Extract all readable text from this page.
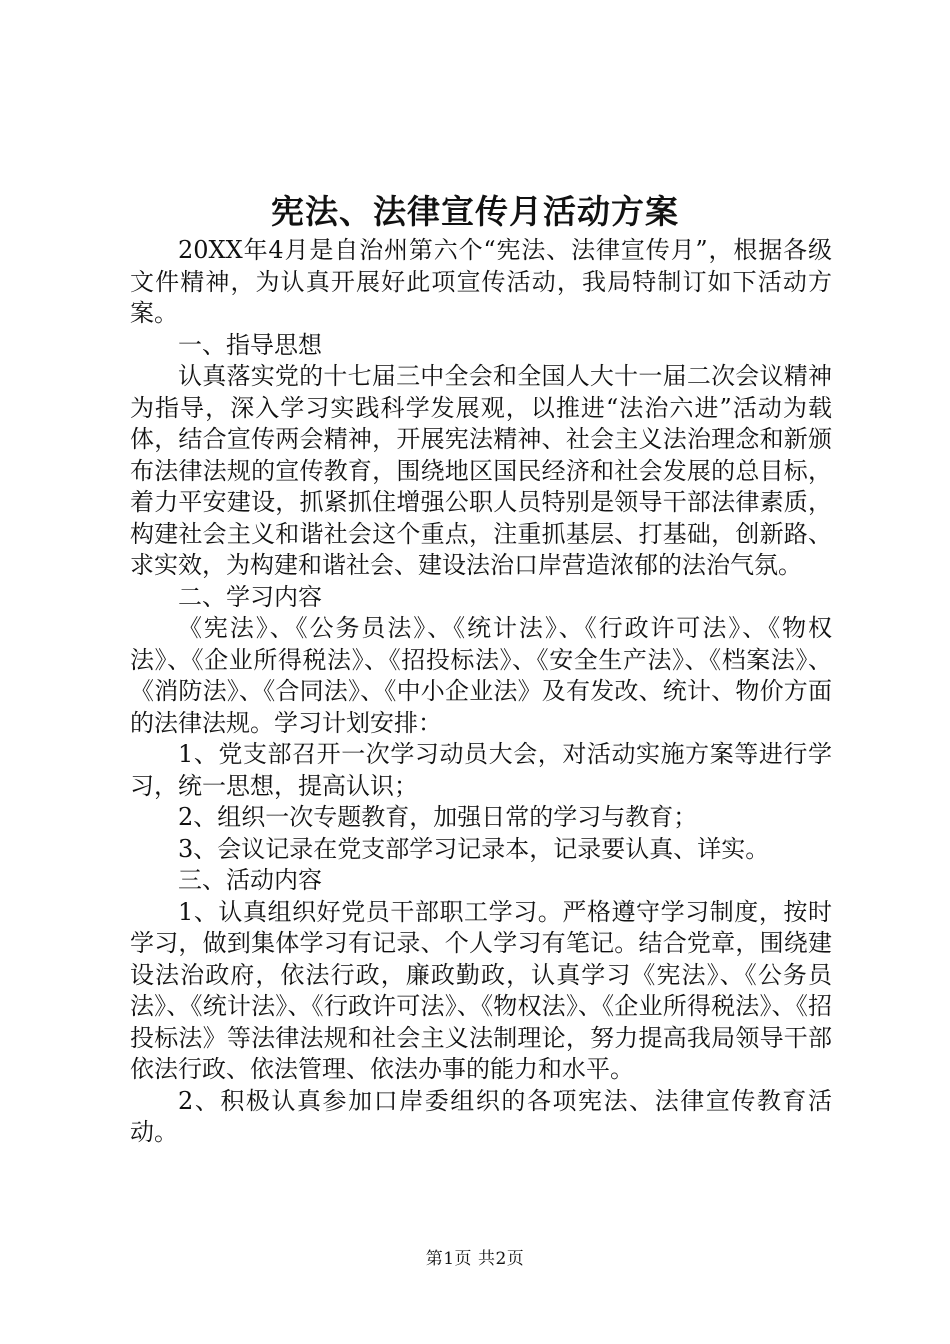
宪法、法律宣传月活动方案

20XX年4月是自治州第六个“宪法、法律宣传月”，根据各级文件精神，为认真开展好此项宣传活动，我局特制订如下活动方案。

一、指导思想

认真落实党的十七届三中全会和全国人大十一届二次会议精神为指导，深入学习实践科学发展观，以推进“法治六进”活动为载体，结合宣传两会精神，开展宪法精神、社会主义法治理念和新颁布法律法规的宣传教育，围绕地区国民经济和社会发展的总目标，着力平安建设，抓紧抓住增强公职人员特别是领导干部法律素质，构建社会主义和谐社会这个重点，注重抓基层、打基础，创新路、求实效，为构建和谐社会、建设法治口岸营造浓郁的法治气氛。

二、学习内容

《宪法》、《公务员法》、《统计法》、《行政许可法》、《物权法》、《企业所得税法》、《招投标法》、《安全生产法》、《档案法》、《消防法》、《合同法》、《中小企业法》及有发改、统计、物价方面的法律法规。学习计划安排：

1、党支部召开一次学习动员大会，对活动实施方案等进行学习，统一思想，提高认识；

2、组织一次专题教育，加强日常的学习与教育；

3、会议记录在党支部学习记录本，记录要认真、详实。

三、活动内容

1、认真组织好党员干部职工学习。严格遵守学习制度，按时学习，做到集体学习有记录、个人学习有笔记。结合党章，围绕建设法治政府，依法行政，廉政勤政，认真学习《宪法》、《公务员法》、《统计法》、《行政许可法》、《物权法》、《企业所得税法》、《招投标法》等法律法规和社会主义法制理论，努力提高我局领导干部依法行政、依法管理、依法办事的能力和水平。

2、积极认真参加口岸委组织的各项宪法、法律宣传教育活动。

第1页 共2页
